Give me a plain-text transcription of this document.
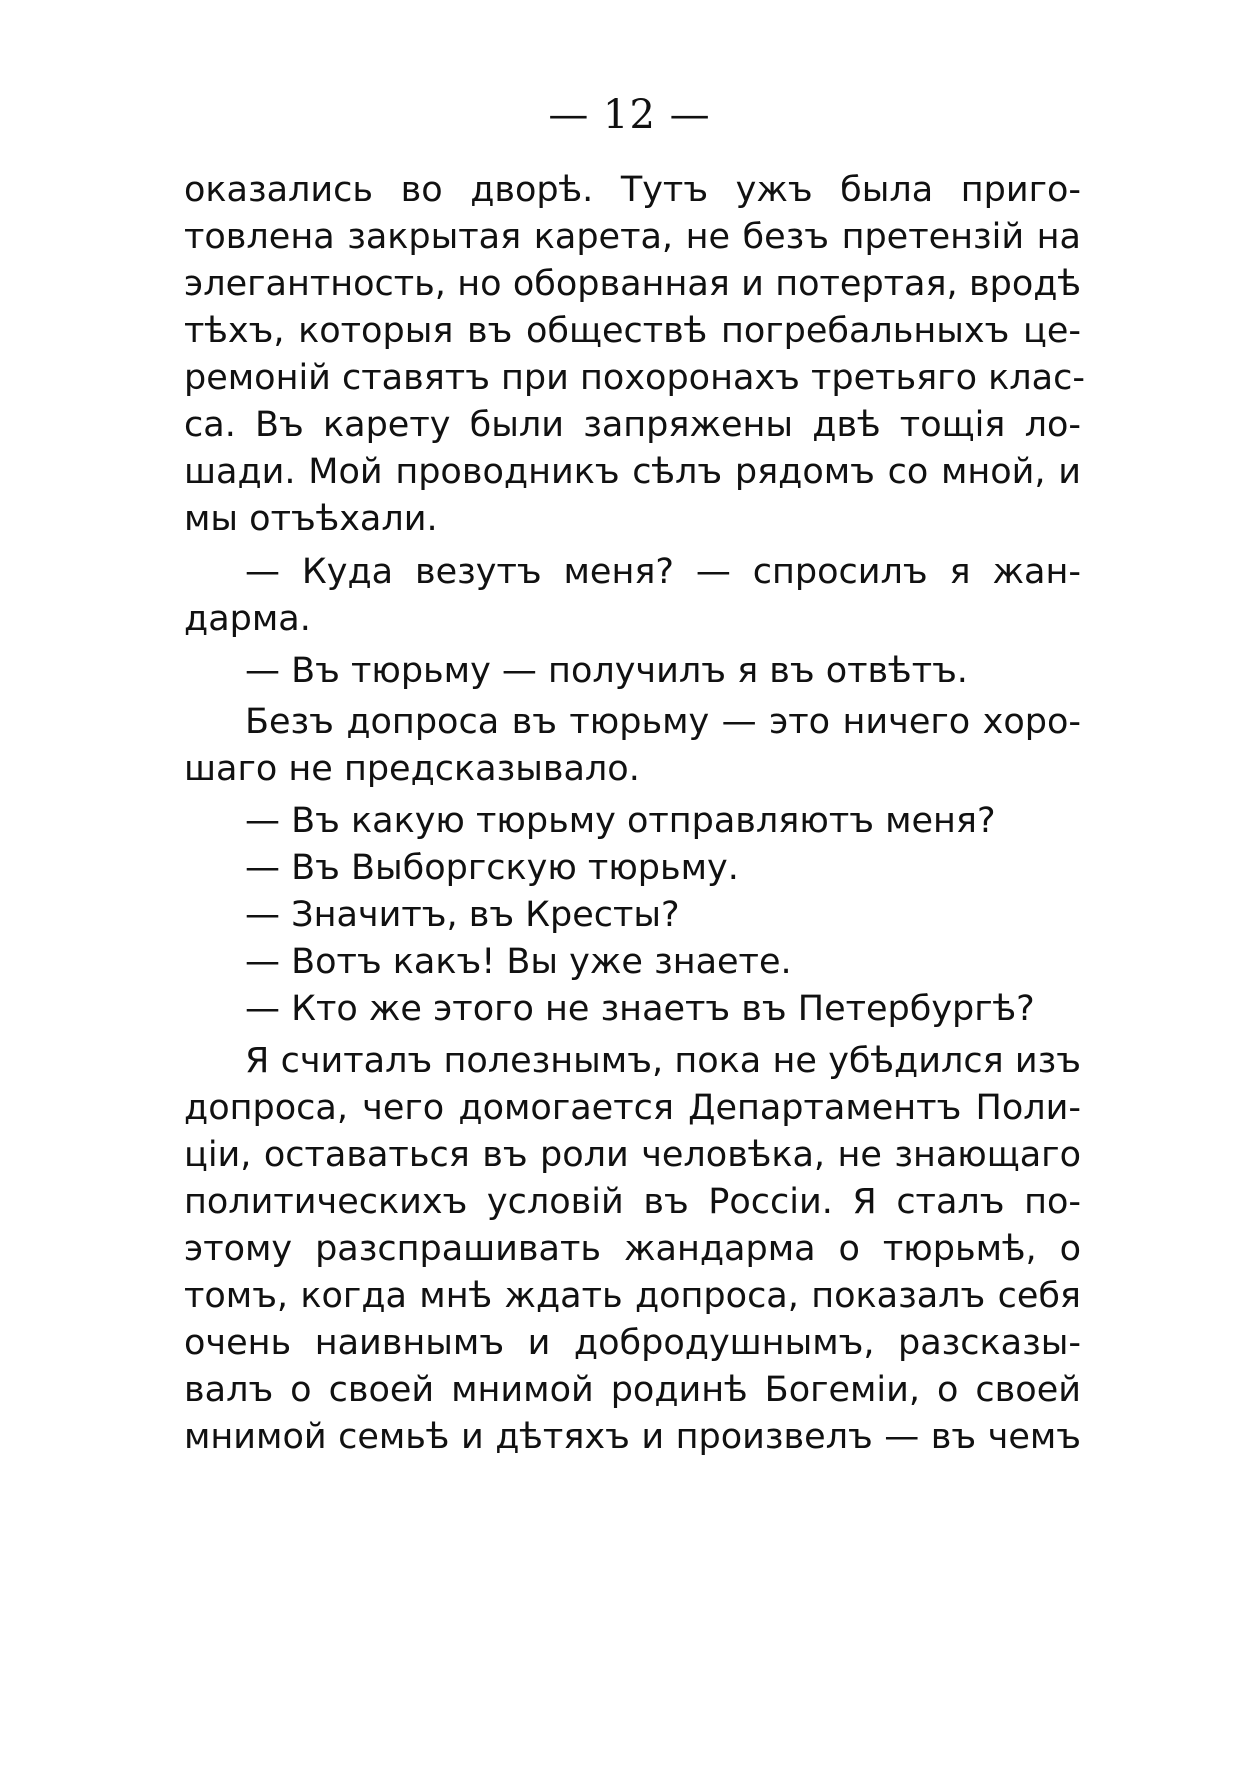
— 12 —
оказались во дворѣ. Тутъ ужъ была приго-
товлена закрытая карета, не безъ претензій на
элегантность, но оборванная и потертая, вродѣ
тѣхъ, которыя въ обществѣ погребальныхъ це-
ремоній ставятъ при похоронахъ третьяго клас-
са. Въ карету были запряжены двѣ тощія ло-
шади. Мой проводникъ сѣлъ рядомъ со мной, и
мы отъѣхали.
— Куда везутъ меня? — спросилъ я жан-
дарма.
— Въ тюрьму — получилъ я въ отвѣтъ.
Безъ допроса въ тюрьму — это ничего хоро-
шаго не предсказывало.
— Въ какую тюрьму отправляютъ меня?
— Въ Выборгскую тюрьму.
— Значитъ, въ Кресты?
— Вотъ какъ! Вы уже знаете.
— Кто же этого не знаетъ въ Петербургѣ?
Я считалъ полезнымъ, пока не убѣдился изъ
допроса, чего домогается Департаментъ Поли-
ціи, оставаться въ роли человѣка, не знающаго
политическихъ условій въ Россіи. Я сталъ по-
этому разспрашивать жандарма о тюрьмѣ, о
томъ, когда мнѣ ждать допроса, показалъ себя
очень наивнымъ и добродушнымъ, разсказы-
валъ о своей мнимой родинѣ Богеміи, о своей
мнимой семьѣ и дѣтяхъ и произвелъ — въ чемъ
